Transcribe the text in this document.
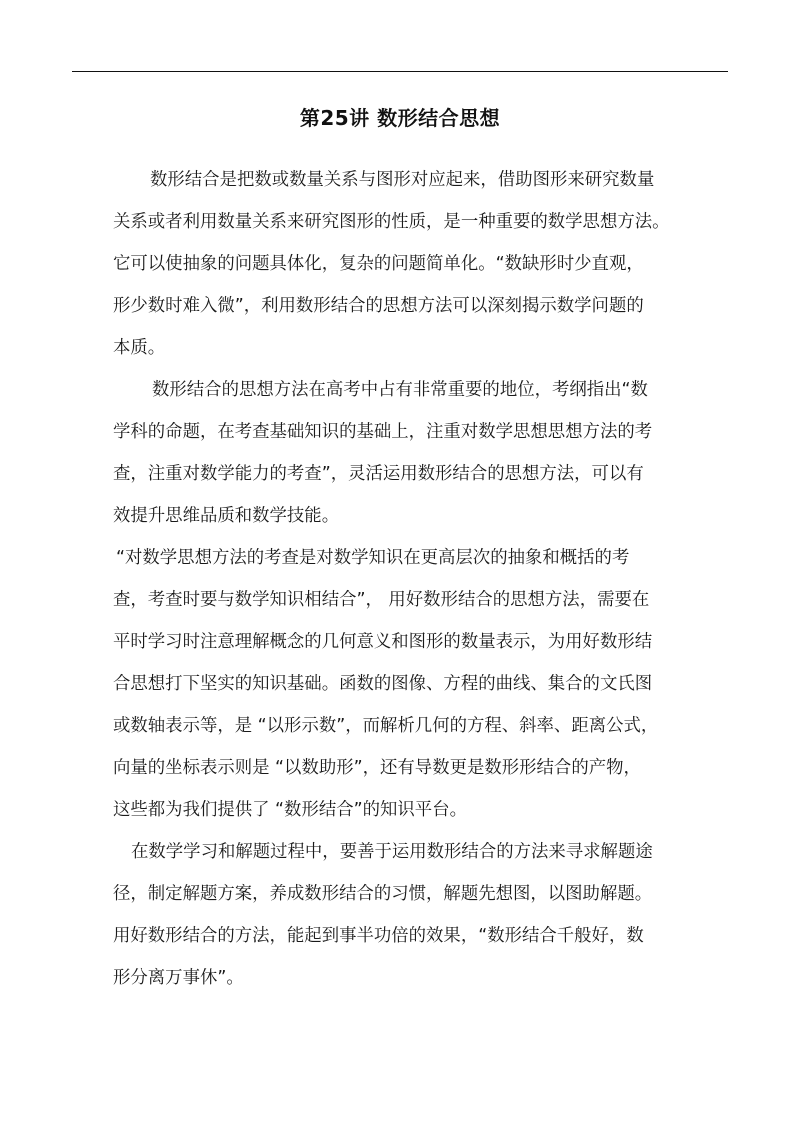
第25讲 数形结合思想
数形结合是把数或数量关系与图形对应起来，借助图形来研究数量
关系或者利用数量关系来研究图形的性质，是一种重要的数学思想方法。
它可以使抽象的问题具体化，复杂的问题简单化。“数缺形时少直观，
形少数时难入微”，利用数形结合的思想方法可以深刻揭示数学问题的
本质。
数形结合的思想方法在高考中占有非常重要的地位，考纲指出“数
学科的命题，在考查基础知识的基础上，注重对数学思想思想方法的考
查，注重对数学能力的考查”，灵活运用数形结合的思想方法，可以有
效提升思维品质和数学技能。
“对数学思想方法的考查是对数学知识在更高层次的抽象和概括的考
查，考查时要与数学知识相结合”， 用好数形结合的思想方法，需要在
平时学习时注意理解概念的几何意义和图形的数量表示，为用好数形结
合思想打下坚实的知识基础。函数的图像、方程的曲线、集合的文氏图
或数轴表示等，是 “以形示数”，而解析几何的方程、斜率、距离公式，
向量的坐标表示则是 “以数助形”，还有导数更是数形形结合的产物，
这些都为我们提供了 “数形结合”的知识平台。
在数学学习和解题过程中，要善于运用数形结合的方法来寻求解题途
径，制定解题方案，养成数形结合的习惯，解题先想图，以图助解题。
用好数形结合的方法，能起到事半功倍的效果，“数形结合千般好，数
形分离万事休”。
